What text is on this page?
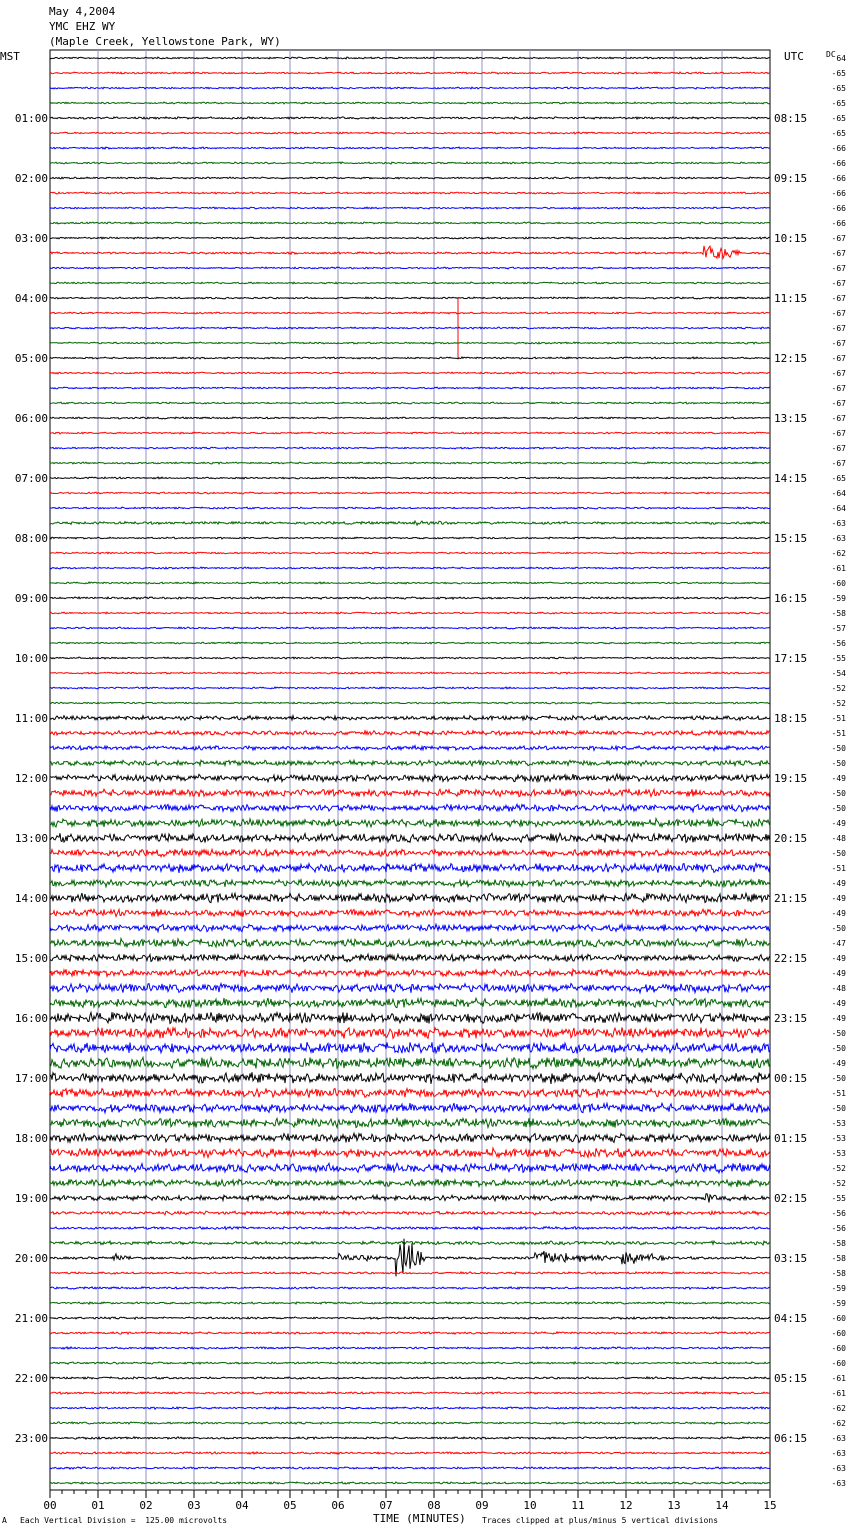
May 4,2004
YMC EHZ WY
(Maple Creek, Yellowstone Park, WY)
00	01	02	03	04	05	06	07	08	09	10	11	12	13	14	15
MST	UTC	DC
01:00
02:00
03:00
04:00
05:00
06:00
07:00
08:00
09:00
10:00
11:00
12:00
13:00
14:00
15:00
16:00
17:00
18:00
19:00
20:00
21:00
22:00
23:00
08:15
09:15
10:15
11:15
12:15
13:15
14:15
15:15
16:15
17:15
18:15
19:15
20:15
21:15
22:15
23:15
00:15
01:15
02:15
03:15
04:15
05:15
06:15
64
-65
-65
-65
-65
-65
-66
-66
-66
-66
-66
-66
-67
-67
-67
-67
-67
-67
-67
-67
-67
-67
-67
-67
-67
-67
-67
-67
-65
-64
-64
-63
-63
-62
-61
-60
-59
-58
-57
-56
-55
-54
-52
-52
-51
-51
-50
-50
-49
-50
-50
-49
-48
-50
-51
-49
-49
-49
-50
-47
-49
-49
-48
-49
-49
-50
-50
-49
-50
-51
-50
-53
-53
-53
-52
-52
-55
-56
-56
-58
-58
-58
-59
-59
-60
-60
-60
-60
-61
-61
-62
-62
-63
-63
-63
-63
A Each Vertical Division =  125.00 microvolts	TIME (MINUTES) Traces clipped at plus/minus 5 vertical divisions
